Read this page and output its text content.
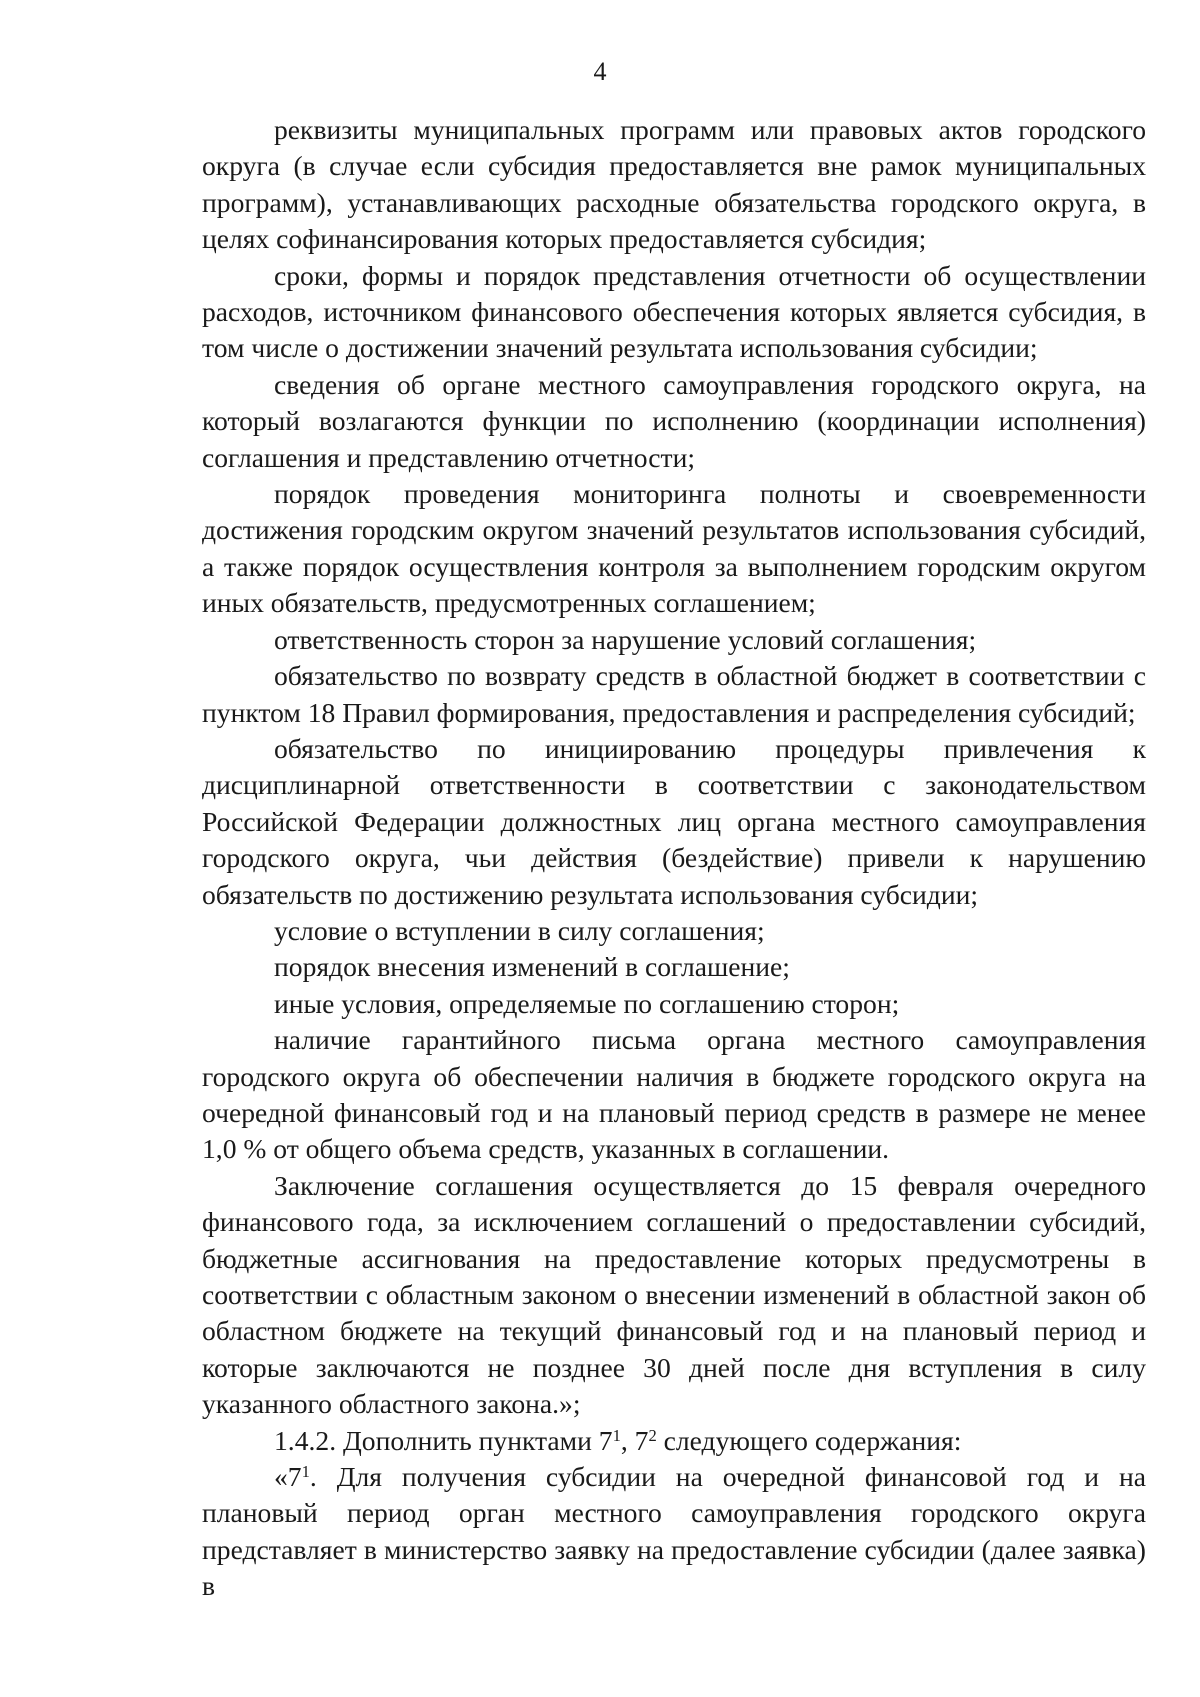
4

реквизиты муниципальных программ или правовых актов городского округа (в случае если субсидия предоставляется вне рамок муниципальных программ), устанавливающих расходные обязательства городского округа, в целях софинансирования которых предоставляется субсидия;

сроки, формы и порядок представления отчетности об осуществлении расходов, источником финансового обеспечения которых является субсидия, в том числе о достижении значений результата использования субсидии;

сведения об органе местного самоуправления городского округа, на который возлагаются функции по исполнению (координации исполнения) соглашения и представлению отчетности;

порядок проведения мониторинга полноты и своевременности достижения городским округом значений результатов использования субсидий, а также порядок осуществления контроля за выполнением городским округом иных обязательств, предусмотренных соглашением;

ответственность сторон за нарушение условий соглашения;

обязательство по возврату средств в областной бюджет в соответствии с пунктом 18 Правил формирования, предоставления и распределения субсидий;

обязательство по инициированию процедуры привлечения к дисциплинарной ответственности в соответствии с законодательством Российской Федерации должностных лиц органа местного самоуправления городского округа, чьи действия (бездействие) привели к нарушению обязательств по достижению результата использования субсидии;

условие о вступлении в силу соглашения;

порядок внесения изменений в соглашение;

иные условия, определяемые по соглашению сторон;

наличие гарантийного письма органа местного самоуправления городского округа об обеспечении наличия в бюджете городского округа на очередной финансовый год и на плановый период средств в размере не менее 1,0 % от общего объема средств, указанных в соглашении.

Заключение соглашения осуществляется до 15 февраля очередного финансового года, за исключением соглашений о предоставлении субсидий, бюджетные ассигнования на предоставление которых предусмотрены в соответствии с областным законом о внесении изменений в областной закон об областном бюджете на текущий финансовый год и на плановый период и которые заключаются не позднее 30 дней после дня вступления в силу указанного областного закона.»;

1.4.2. Дополнить пунктами $7^1$, $7^2$ следующего содержания:

«$7^1$. Для получения субсидии на очередной финансовой год и на плановый период орган местного самоуправления городского округа представляет в министерство заявку на предоставление субсидии (далее заявка) в
